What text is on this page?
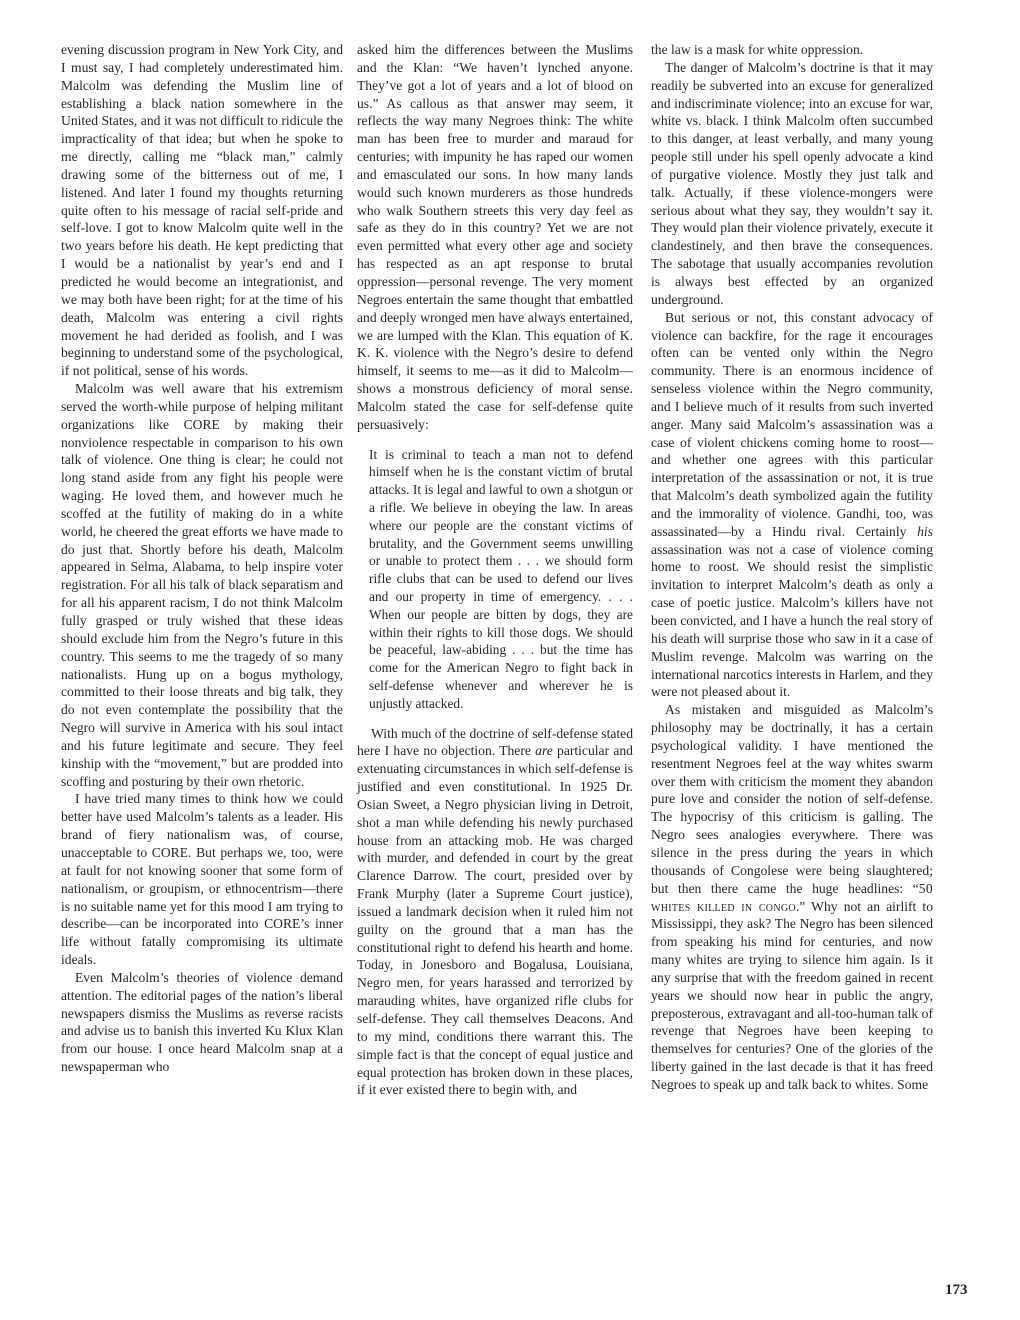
evening discussion program in New York City, and I must say, I had completely underestimated him. Malcolm was defending the Muslim line of establishing a black nation somewhere in the United States, and it was not difficult to ridicule the impracticality of that idea; but when he spoke to me directly, calling me “black man,” calmly drawing some of the bitterness out of me, I listened. And later I found my thoughts returning quite often to his message of racial self-pride and self-love. I got to know Malcolm quite well in the two years before his death. He kept predicting that I would be a nationalist by year’s end and I predicted he would become an integrationist, and we may both have been right; for at the time of his death, Malcolm was entering a civil rights movement he had derided as foolish, and I was beginning to understand some of the psychological, if not political, sense of his words.

Malcolm was well aware that his extremism served the worth-while purpose of helping militant organizations like CORE by making their nonviolence respectable in comparison to his own talk of violence. One thing is clear; he could not long stand aside from any fight his people were waging. He loved them, and however much he scoffed at the futility of making do in a white world, he cheered the great efforts we have made to do just that. Shortly before his death, Malcolm appeared in Selma, Alabama, to help inspire voter registration. For all his talk of black separatism and for all his apparent racism, I do not think Malcolm fully grasped or truly wished that these ideas should exclude him from the Negro’s future in this country. This seems to me the tragedy of so many nationalists. Hung up on a bogus mythology, committed to their loose threats and big talk, they do not even contemplate the possibility that the Negro will survive in America with his soul intact and his future legitimate and secure. They feel kinship with the “movement,” but are prodded into scoffing and posturing by their own rhetoric.

I have tried many times to think how we could better have used Malcolm’s talents as a leader. His brand of fiery nationalism was, of course, unacceptable to CORE. But perhaps we, too, were at fault for not knowing sooner that some form of nationalism, or groupism, or ethnocentrism—there is no suitable name yet for this mood I am trying to describe—can be incorporated into CORE’s inner life without fatally compromising its ultimate ideals.

Even Malcolm’s theories of violence demand attention. The editorial pages of the nation’s liberal newspapers dismiss the Muslims as reverse racists and advise us to banish this inverted Ku Klux Klan from our house. I once heard Malcolm snap at a newspaperman who

asked him the differences between the Muslims and the Klan: “We haven’t lynched anyone. They’ve got a lot of years and a lot of blood on us.” As callous as that answer may seem, it reflects the way many Negroes think: The white man has been free to murder and maraud for centuries; with impunity he has raped our women and emasculated our sons. In how many lands would such known murderers as those hundreds who walk Southern streets this very day feel as safe as they do in this country? Yet we are not even permitted what every other age and society has respected as an apt response to brutal oppression—personal revenge. The very moment Negroes entertain the same thought that embattled and deeply wronged men have always entertained, we are lumped with the Klan. This equation of K. K. K. violence with the Negro’s desire to defend himself, it seems to me—as it did to Malcolm—shows a monstrous deficiency of moral sense. Malcolm stated the case for self-defense quite persuasively:

It is criminal to teach a man not to defend himself when he is the constant victim of brutal attacks. It is legal and lawful to own a shotgun or a rifle. We believe in obeying the law. In areas where our people are the constant victims of brutality, and the Government seems unwilling or unable to protect them . . . we should form rifle clubs that can be used to defend our lives and our property in time of emergency. . . . When our people are bitten by dogs, they are within their rights to kill those dogs. We should be peaceful, law-abiding . . . but the time has come for the American Negro to fight back in self-defense whenever and wherever he is unjustly attacked.

With much of the doctrine of self-defense stated here I have no objection. There are particular and extenuating circumstances in which self-defense is justified and even constitutional. In 1925 Dr. Osian Sweet, a Negro physician living in Detroit, shot a man while defending his newly purchased house from an attacking mob. He was charged with murder, and defended in court by the great Clarence Darrow. The court, presided over by Frank Murphy (later a Supreme Court justice), issued a landmark decision when it ruled him not guilty on the ground that a man has the constitutional right to defend his hearth and home. Today, in Jonesboro and Bogalusa, Louisiana, Negro men, for years harassed and terrorized by marauding whites, have organized rifle clubs for self-defense. They call themselves Deacons. And to my mind, conditions there warrant this. The simple fact is that the concept of equal justice and equal protection has broken down in these places, if it ever existed there to begin with, and

the law is a mask for white oppression.

The danger of Malcolm’s doctrine is that it may readily be subverted into an excuse for generalized and indiscriminate violence; into an excuse for war, white vs. black. I think Malcolm often succumbed to this danger, at least verbally, and many young people still under his spell openly advocate a kind of purgative violence. Mostly they just talk and talk. Actually, if these violence-mongers were serious about what they say, they wouldn’t say it. They would plan their violence privately, execute it clandestinely, and then brave the consequences. The sabotage that usually accompanies revolution is always best effected by an organized underground.

But serious or not, this constant advocacy of violence can backfire, for the rage it encourages often can be vented only within the Negro community. There is an enormous incidence of senseless violence within the Negro community, and I believe much of it results from such inverted anger. Many said Malcolm’s assassination was a case of violent chickens coming home to roost—and whether one agrees with this particular interpretation of the assassination or not, it is true that Malcolm’s death symbolized again the futility and the immorality of violence. Gandhi, too, was assassinated—by a Hindu rival. Certainly his assassination was not a case of violence coming home to roost. We should resist the simplistic invitation to interpret Malcolm’s death as only a case of poetic justice. Malcolm’s killers have not been convicted, and I have a hunch the real story of his death will surprise those who saw in it a case of Muslim revenge. Malcolm was warring on the international narcotics interests in Harlem, and they were not pleased about it.

As mistaken and misguided as Malcolm’s philosophy may be doctrinally, it has a certain psychological validity. I have mentioned the resentment Negroes feel at the way whites swarm over them with criticism the moment they abandon pure love and consider the notion of self-defense. The hypocrisy of this criticism is galling. The Negro sees analogies everywhere. There was silence in the press during the years in which thousands of Congolese were being slaughtered; but then there came the huge headlines: “50 whites killed in congo.” Why not an airlift to Mississippi, they ask? The Negro has been silenced from speaking his mind for centuries, and now many whites are trying to silence him again. Is it any surprise that with the freedom gained in recent years we should now hear in public the angry, preposterous, extravagant and all-too-human talk of revenge that Negroes have been keeping to themselves for centuries? One of the glories of the liberty gained in the last decade is that it has freed Negroes to speak up and talk back to whites. Some

173
